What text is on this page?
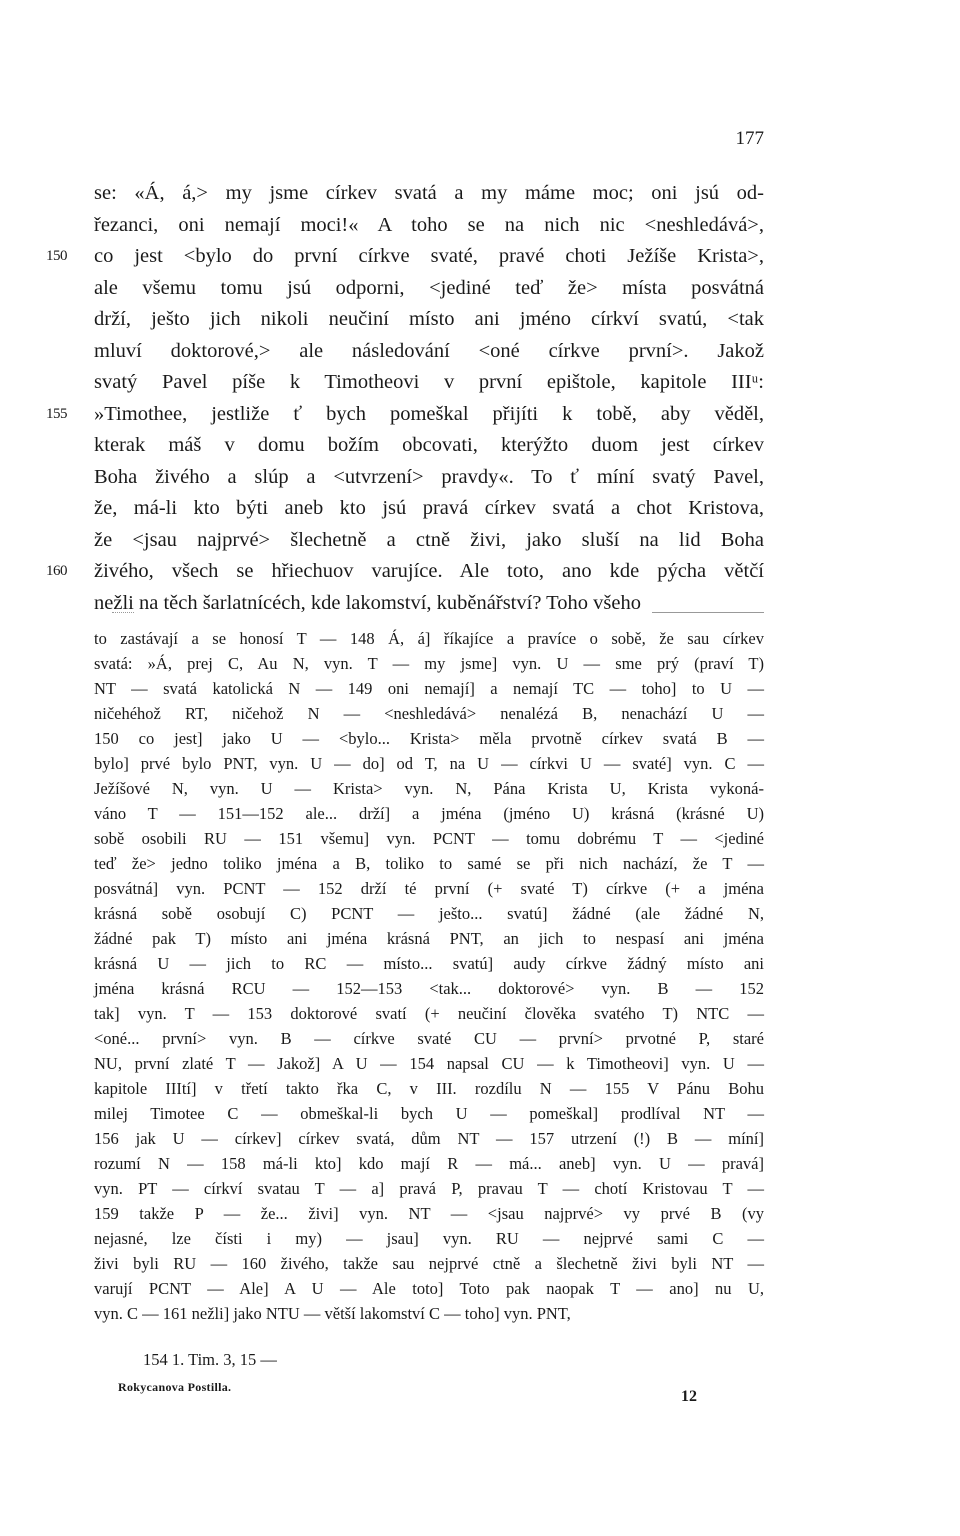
177
se: «Á, á,> my jsme církev svatá a my máme moc; oni jsú od-
řezanci, oni nemají moci!« A toho se na nich nic <neshledává>,
150 co jest <bylo do první církve svaté, pravé choti Ježíše Krista>,
ale všemu tomu jsú odporni, <jediné teď že> místa posvátná
drží, ješto jich nikoli neučiní místo ani jméno církví svatú, <tak
mluví doktorové,> ale následování <oné církve první>. Jakož
svatý Pavel píše k Timotheovi v první epištole, kapitole IIIᵘ:
155 »Timothee, jestliže ť bych pomeškal přijíti k tobě, aby věděl,
kterak máš v domu božím obcovati, kterýžto duom jest církev
Boha živého a slúp a <utvrzení> pravdy«. To ť míní svatý Pavel,
že, má-li kto býti aneb kto jsú pravá církev svatá a chot Kristova,
že <jsau najprvé> šlechetně a ctně živi, jako sluší na lid Boha
160 živého, všech se hřiechuov varujíce. Ale toto, ano kde pýcha větčí
nežli na těch šarlatnícéch, kde lakomství, kuběnářství? Toho všeho
to zastávají a se honosí T — 148 Á, á] říkajíce a pravíce o sobě, že sau církev
svatá: »Á, prej C, Au N, vyn. T — my jsme] vyn. U — sme prý (praví T)
NT — svatá katolická N — 149 oni nemají] a nemají TC — toho] to U —
ničehéhož RT, ničehož N — <neshledává> nenalézá B, nenachází U —
150 co jest] jako U — <bylo... Krista> měla prvotně církev svatá B —
bylo] prvé bylo PNT, vyn. U — do] od T, na U — církvi U — svaté] vyn. C —
Ježíšové N, vyn. U — Krista> vyn. N, Pána Krista U, Krista vykoná-
váno T — 151—152 ale... drží] a jména (jméno U) krásná (krásné U)
sobě osobili RU — 151 všemu] vyn. PCNT — tomu dobrému T — <jediné
teď že> jedno toliko jména a B, toliko to samé se při nich nachází, že T —
posvátná] vyn. PCNT — 152 drží té první (+ svaté T) církve (+ a jména
krásná sobě osobují C) PCNT — ješto... svatú] žádné (ale žádné N,
žádné pak T) místo ani jména krásná PNT, an jich to nespasí ani jména
krásná U — jich to RC — místo... svatú] audy církve žádný místo ani
jména krásná RCU — 152—153 <tak... doktorové> vyn. B — 152
tak] vyn. T — 153 doktorové svatí (+ neučiní člověka svatého T) NTC —
<oné... první> vyn. B — církve svaté CU — první> prvotné P, staré
NU, první zlaté T — Jakož] A U — 154 napsal CU — k Timotheovi] vyn. U —
kapitole IIItí] v třetí takto řka C, v III. rozdílu N — 155 V Pánu Bohu
milej Timotee C — obmeškal-li bych U — pomeškal] prodlíval NT —
156 jak U — církev] církev svatá, dům NT — 157 utrzení (!) B — míní]
rozumí N — 158 má-li kto] kdo mají R — má... aneb] vyn. U — pravá]
vyn. PT — církví svatau T — a] pravá P, pravau T — chotí Kristovau T —
159 takže P — že... živi] vyn. NT — <jsau najprvé> vy prvé B (vy
nejasné, lze čísti i my) — jsau] vyn. RU — nejprvé sami C —
živi byli RU — 160 živého, takže sau nejprvé ctně a šlechetně živi byli NT —
varují PCNT — Ale] A U — Ale toto] Toto pak naopak T — ano] nu U,
vyn. C — 161 nežli] jako NTU — větší lakomství C — toho] vyn. PNT,
154 1. Tim. 3, 15 —
Rokycanova Postilla.
12
